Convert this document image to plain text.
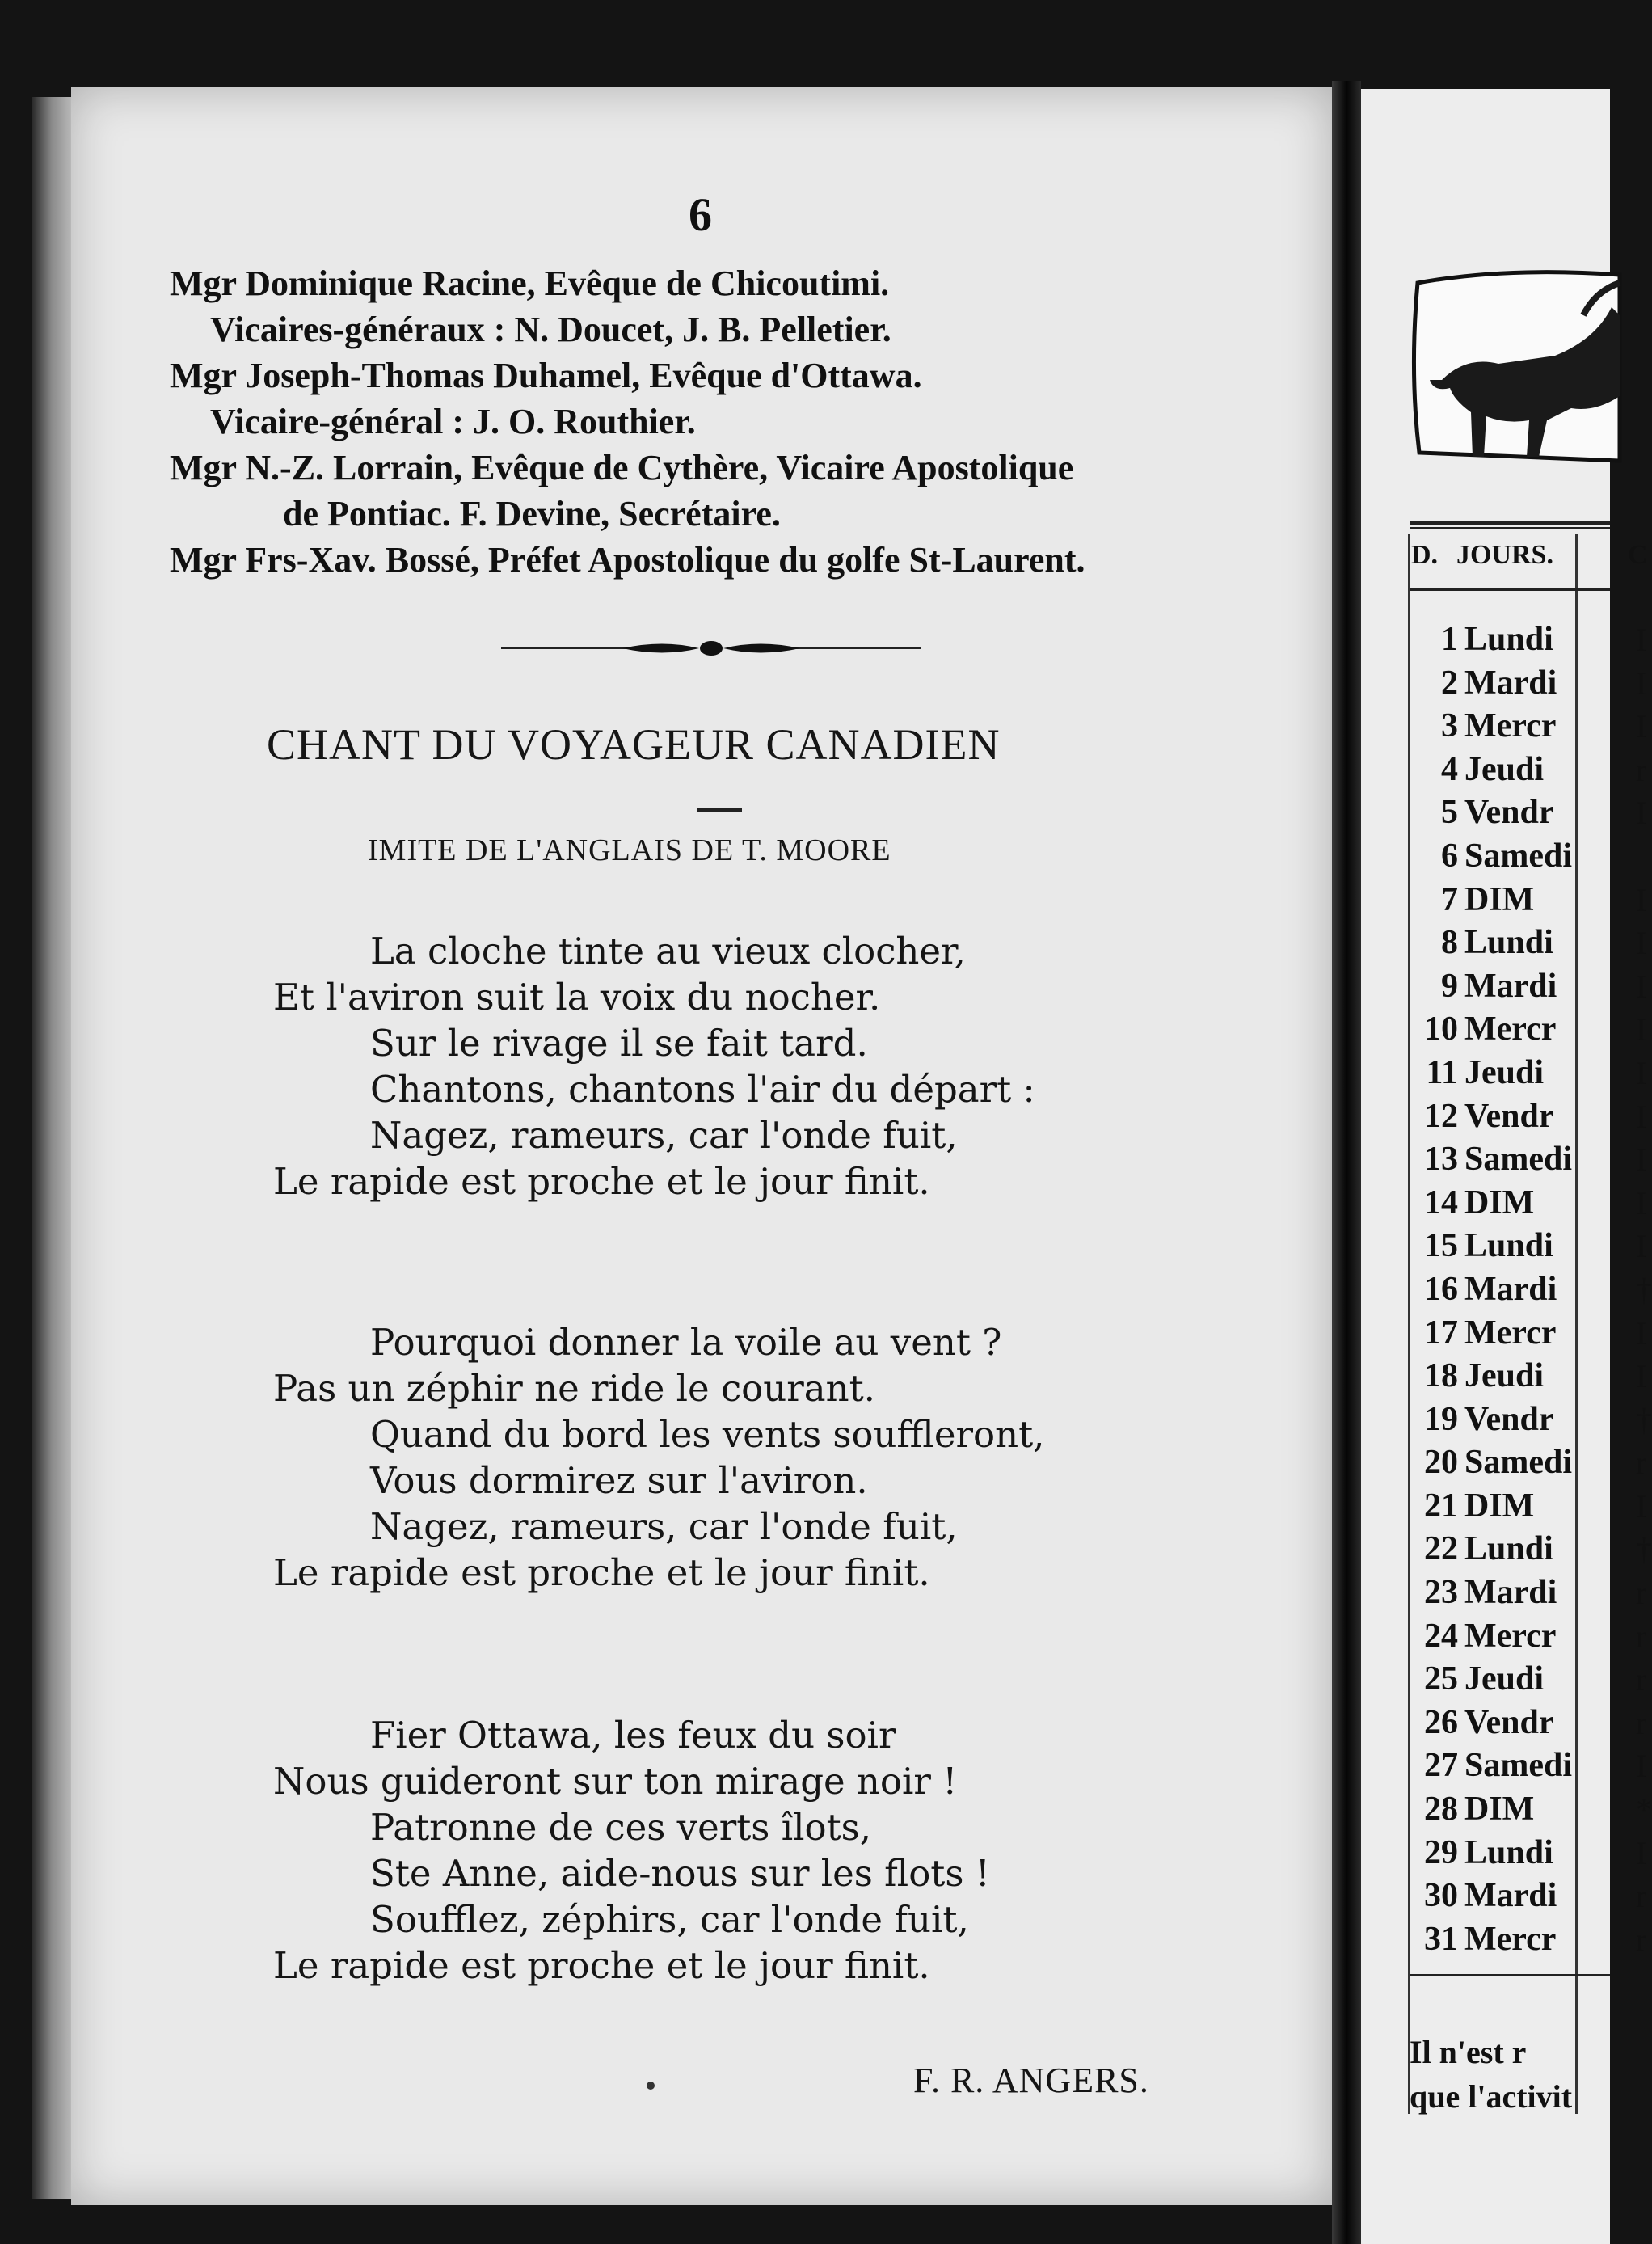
6
Mgr Dominique Racine, Evêque de Chicoutimi.
Vicaires-généraux : N. Doucet, J. B. Pelletier.
Mgr Joseph-Thomas Duhamel, Evêque d'Ottawa.
Vicaire-général : J. O. Routhier.
Mgr N.-Z. Lorrain, Evêque de Cythère, Vicaire Apostolique
de Pontiac. F. Devine, Secrétaire.
Mgr Frs-Xav. Bossé, Préfet Apostolique du golfe St-Laurent.
CHANT DU VOYAGEUR CANADIEN
IMITE DE L'ANGLAIS DE T. MOORE
La cloche tinte au vieux clocher,
Et l'aviron suit la voix du nocher.
Sur le rivage il se fait tard.
Chantons, chantons l'air du départ :
Nagez, rameurs, car l'onde fuit,
Le rapide est proche et le jour finit.
Pourquoi donner la voile au vent ?
Pas un zéphir ne ride le courant.
Quand du bord les vents souffleront,
Vous dormirez sur l'aviron.
Nagez, rameurs, car l'onde fuit,
Le rapide est proche et le jour finit.
Fier Ottawa, les feux du soir
Nous guideront sur ton mirage noir !
Patronne de ces verts îlots,
Ste Anne, aide-nous sur les flots !
Soufflez, zéphirs, car l'onde fuit,
Le rapide est proche et le jour finit.
F. R. ANGERS.
D. JOURS.	C
1 Lundi	I
2 Mardi I
3 Mercr I
4 Jeudi	r
5 Vendr	I
6 Samedi
7 DIM	I
8 Lundi	I
9 Mardi I
10 Mercr I
11 Jeudi	I
12 Vendr	I
13 Samedi I
14 DIM	I
15 Lundi	I
16 Mardi †
17 Mercr I
18 Jeudi	I
19 Vendr	†
20 Samedi r
21 DIM	I
22 Lundi	†
23 Mardi r
24 Mercr r
25 Jeudi	r
26 Vendr	r
27 Samedi I
28 DIM	*
29 Lundi	I
30 Mardi r
31 Mercr r
Il n'est r
que l'activit
